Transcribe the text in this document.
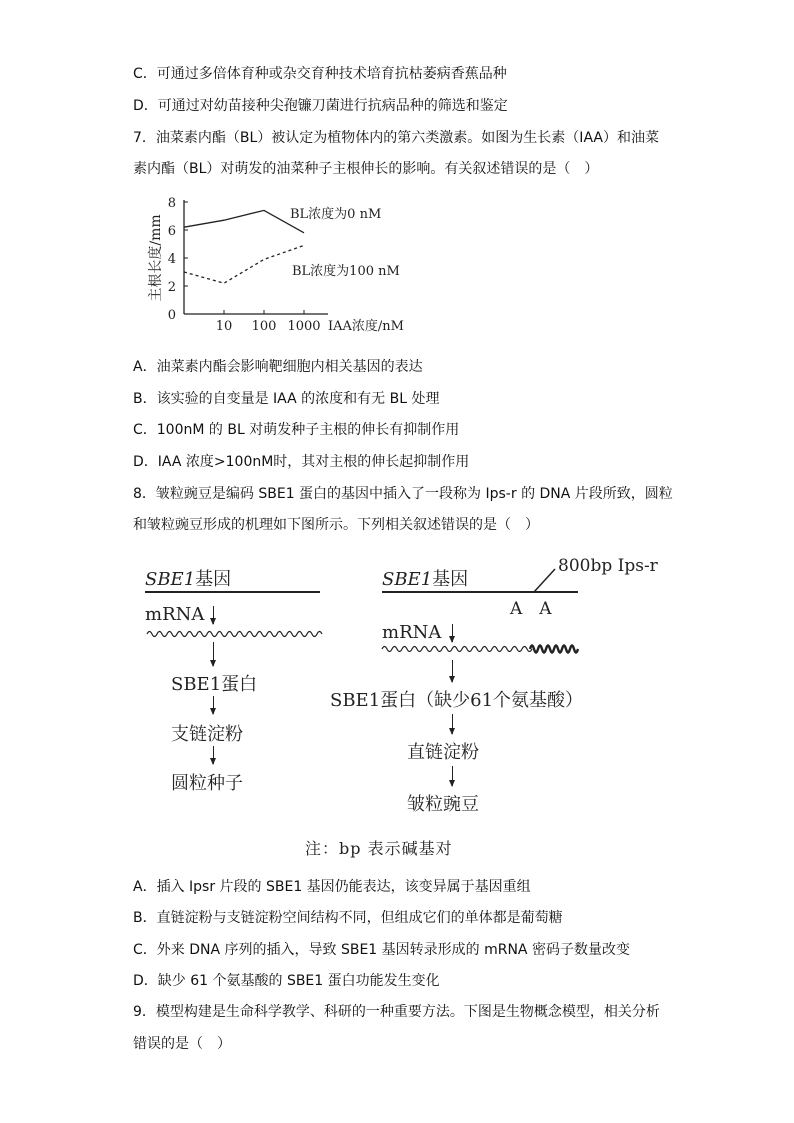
C．可通过多倍体育种或杂交育种技术培育抗枯萎病香蕉品种
D．可通过对幼苗接种尖孢镰刀菌进行抗病品种的筛选和鉴定
7．油菜素内酯（BL）被认定为植物体内的第六类激素。如图为生长素（IAA）和油菜
素内酯（BL）对萌发的油菜种子主根伸长的影响。有关叙述错误的是（　）
0
2
4
6
8
10 100 1000 IAA浓度/nM
主根长度/mm	BL浓度为0 nM
BL浓度为100 nM
A．油菜素内酯会影响靶细胞内相关基因的表达
B．该实验的自变量是 IAA 的浓度和有无 BL 处理
C．100nM 的 BL 对萌发种子主根的伸长有抑制作用
D．IAA 浓度>100nM时，其对主根的伸长起抑制作用
8．皱粒豌豆是编码 SBE1 蛋白的基因中插入了一段称为 Ips-r 的 DNA 片段所致，圆粒
和皱粒豌豆形成的机理如下图所示。下列相关叙述错误的是（　）
SBE1基因
mRNA
SBE1蛋白
支链淀粉
圆粒种子
SBE1基因
800bp Ips-r
A　A
mRNA
SBE1蛋白（缺少61个氨基酸）
直链淀粉
皱粒豌豆
注：bp 表示碱基对
A．插入 Ipsr 片段的 SBE1 基因仍能表达，该变异属于基因重组
B．直链淀粉与支链淀粉空间结构不同，但组成它们的单体都是葡萄糖
C．外来 DNA 序列的插入，导致 SBE1 基因转录形成的 mRNA 密码子数量改变
D．缺少 61 个氨基酸的 SBE1 蛋白功能发生变化
9．模型构建是生命科学教学、科研的一种重要方法。下图是生物概念模型，相关分析
错误的是（　）
